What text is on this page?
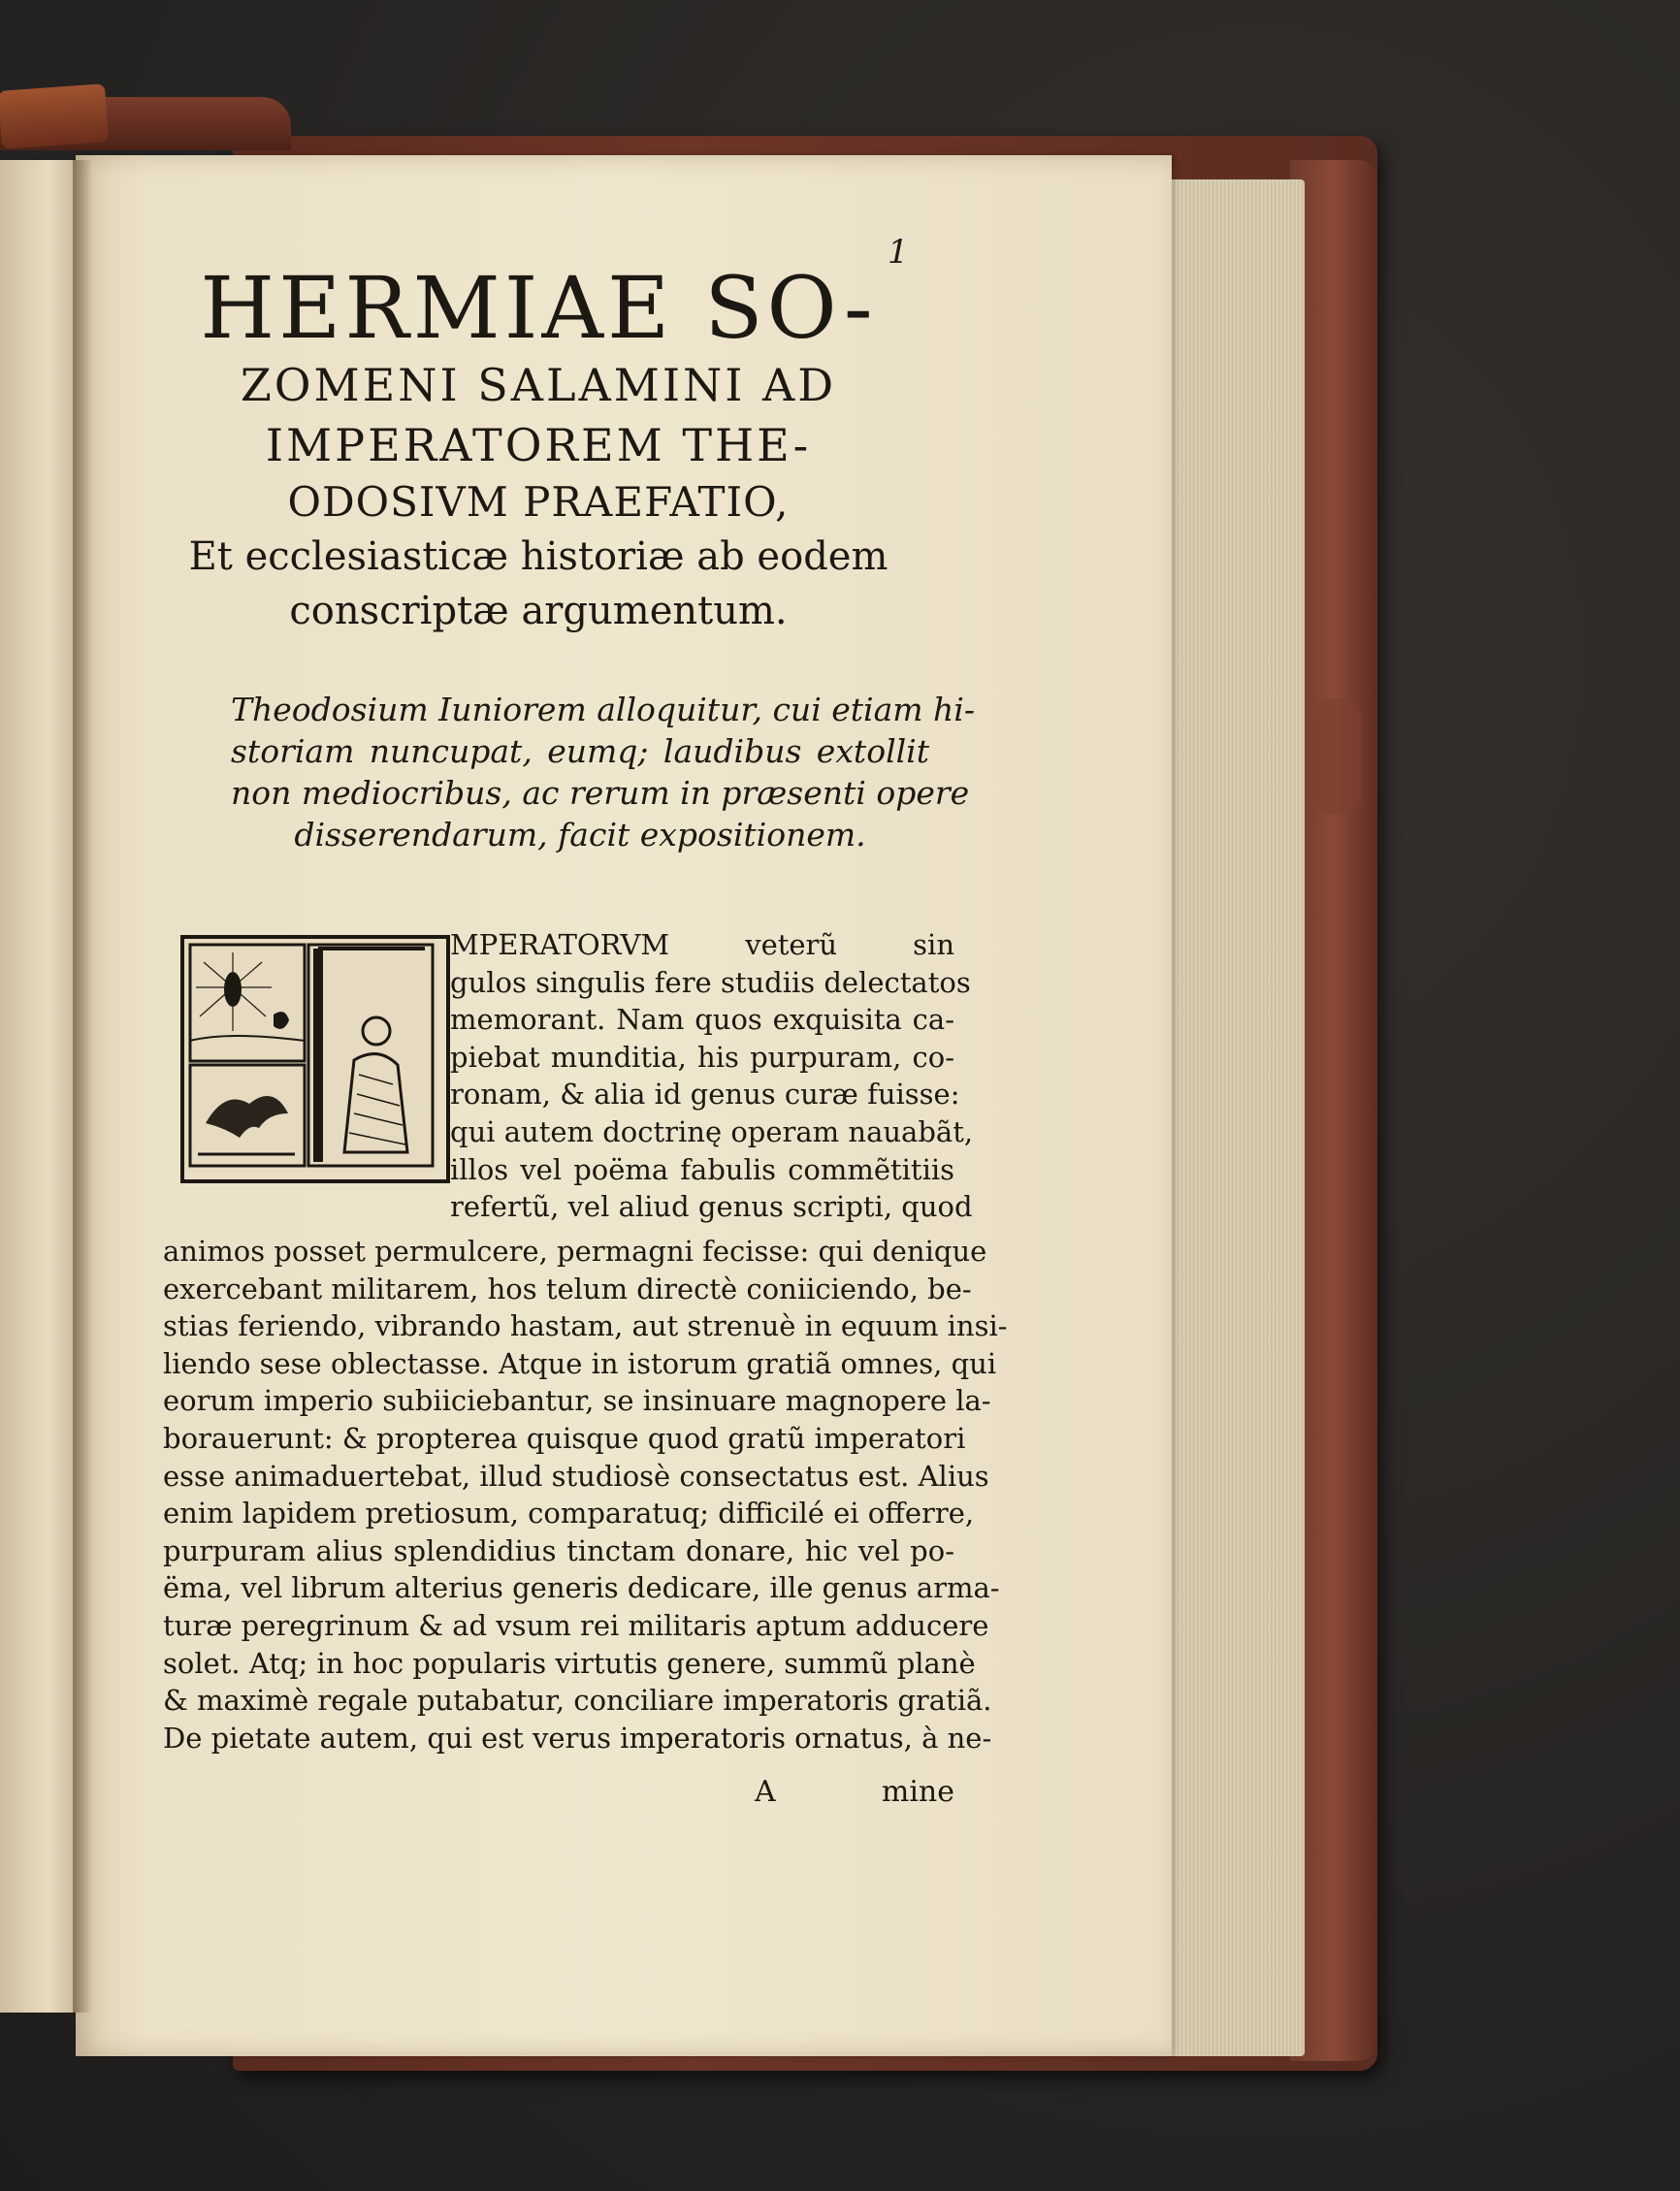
1
HERMIAE SO-
ZOMENI SALAMINI AD
IMPERATOREM THE-
ODOSIVM PRAEFATIO,
Et ecclesiasticæ historiæ ab eodem
conscriptæ argumentum.
Theodosium Iuniorem alloquitur, cui etiam hi-
storiam nuncupat, eumq; laudibus extollit
non mediocribus, ac rerum in præsenti opere
disserendarum, facit expositionem.
MPERATORVM veterũ sin
gulos singulis fere studiis delectatos
memorant. Nam quos exquisita ca-
piebat munditia, his purpuram, co-
ronam, & alia id genus curæ fuisse:
qui autem doctrinę operam nauabãt,
illos vel poëma fabulis commẽtitiis
refertũ, vel aliud genus scripti, quod
animos posset permulcere, permagni fecisse: qui denique
exercebant militarem, hos telum directè coniiciendo, be-
stias feriendo, vibrando hastam, aut strenuè in equum insi-
liendo sese oblectasse. Atque in istorum gratiã omnes, qui
eorum imperio subiiciebantur, se insinuare magnopere la-
borauerunt: & propterea quisque quod gratũ imperatori
esse animaduertebat, illud studiosè consectatus est. Alius
enim lapidem pretiosum, comparatuq; difficilé ei offerre,
purpuram alius splendidius tinctam donare, hic vel po-
ëma, vel librum alterius generis dedicare, ille genus arma-
turæ peregrinum & ad vsum rei militaris aptum adducere
solet. Atq; in hoc popularis virtutis genere, summũ planè
& maximè regale putabatur, conciliare imperatoris gratiã.
De pietate autem, qui est verus imperatoris ornatus, à ne-
A	mine
